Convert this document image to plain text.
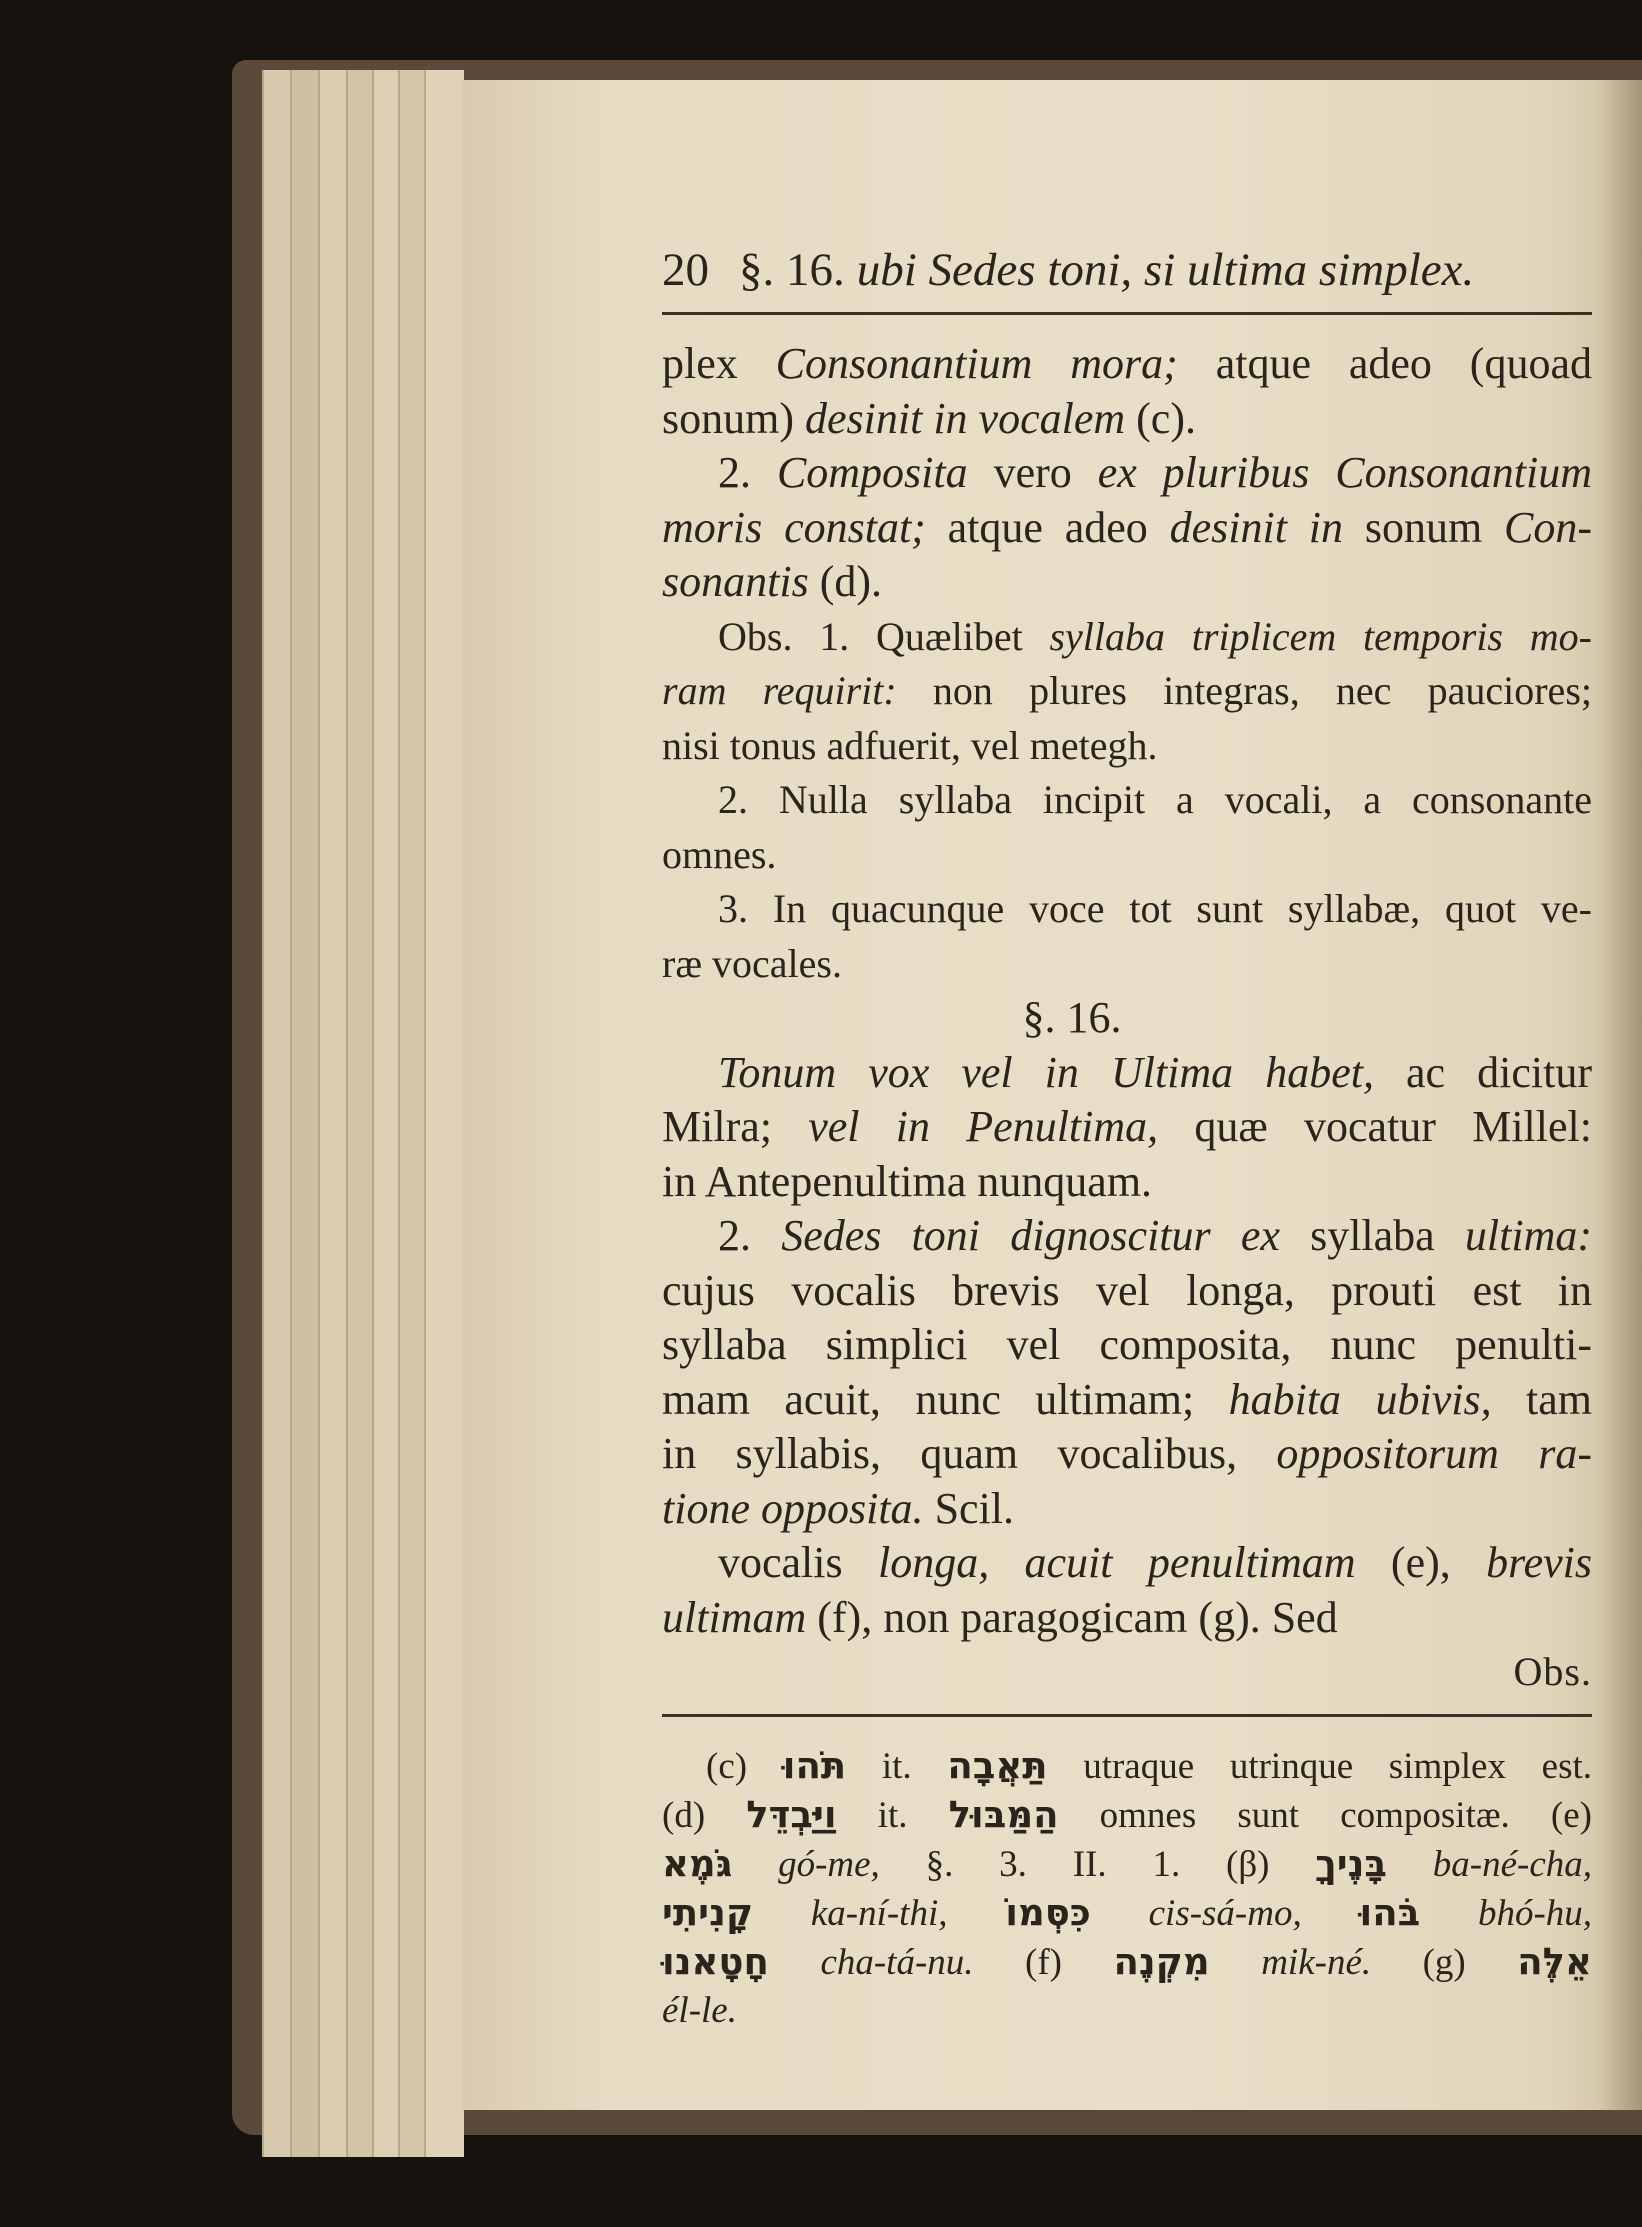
20 §. 16. ubi Sedes toni, si ultima simplex.
plex Consonantium mora; atque adeo (quoad
sonum) desinit in vocalem (c).
2. Composita vero ex pluribus Consonantium
moris constat; atque adeo desinit in sonum Con-
sonantis (d).
Obs. 1. Quælibet syllaba triplicem temporis mo-
ram requirit: non plures integras, nec pauciores;
nisi tonus adfuerit, vel metegh.
2. Nulla syllaba incipit a vocali, a consonante
omnes.
3. In quacunque voce tot sunt syllabæ, quot ve-
ræ vocales.
§. 16.
Tonum vox vel in Ultima habet, ac dicitur
Milra; vel in Penultima, quæ vocatur Millel:
in Antepenultima nunquam.
2. Sedes toni dignoscitur ex syllaba ultima:
cujus vocalis brevis vel longa, prouti est in
syllaba simplici vel composita, nunc penulti-
mam acuit, nunc ultimam; habita ubivis, tam
in syllabis, quam vocalibus, oppositorum ra-
tione opposita. Scil.
vocalis longa, acuit penultimam (e), brevis
ultimam (f), non paragogicam (g). Sed
Obs.
(c) תֹּהוּ it. תַּאֲבָה utraque utrinque simplex est.
(d) וַיַּבְדֵּל it. הַמַּבּוּל omnes sunt compositæ. (e)
גֹּמֶא gó-me, §. 3. II. 1. (β) בָּנֶיךָ ba-né-cha,
קָנִיתִי ka-ní-thi, כִּסְּמוֹ cis-sá-mo, בֹּהוּ bhó-hu,
חָטָאנוּ cha-tá-nu. (f) מִקְנֶה mik-né. (g) אֵלֶּה
él-le.
